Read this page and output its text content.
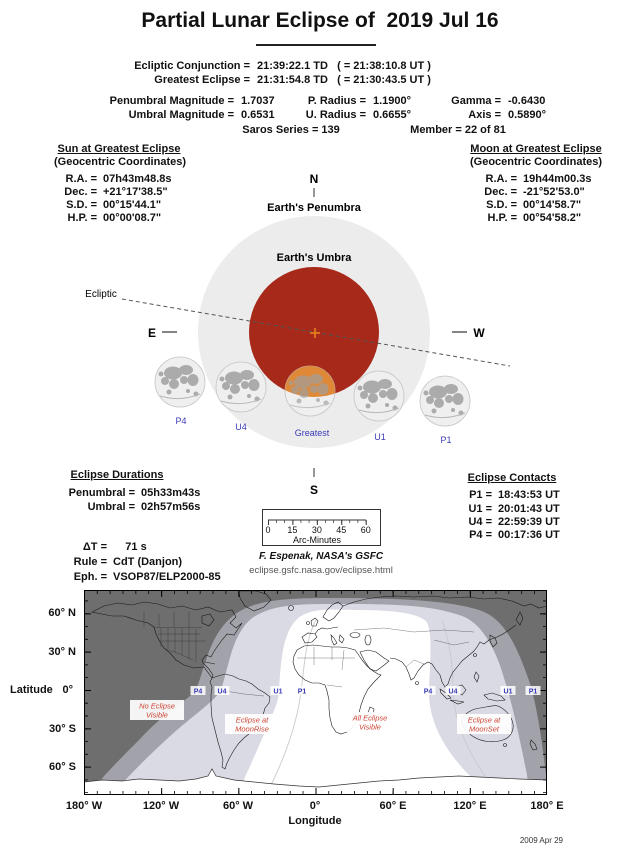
Ecliptic
N
S
E	W
Earth's Penumbra
Earth's Umbra
P4
U4
Greatest	U1	P1
0 15 30 45 60
Arc-Minutes
Partial Lunar Eclipse of  2019 Jul 16
Ecliptic Conjunction = 21:39:22.1 TD   ( = 21:38:10.8 UT )
Greatest Eclipse = 21:31:54.8 TD   ( = 21:30:43.5 UT )
Penumbral Magnitude = 1.7037	P. Radius = 1.1900°	Gamma = -0.6430
Umbral Magnitude = 0.6531	U. Radius = 0.6655°	Axis = 0.5890°
Saros Series = 139	Member = 22 of 81
Sun at Greatest Eclipse
(Geocentric Coordinates)
R.A. = 07h43m48.8s
Dec. = +21°17'38.5"
S.D. = 00°15'44.1"
H.P. = 00°00'08.7"
Moon at Greatest Eclipse
(Geocentric Coordinates)
R.A. = 19h44m00.3s
Dec. = -21°52'53.0"
S.D. = 00°14'58.7"
H.P. = 00°54'58.2"
Eclipse Durations
Penumbral = 05h33m43s
Umbral = 02h57m56s
Eclipse Contacts
P1 = 18:43:53 UT
U1 = 20:01:43 UT
U4 = 22:59:39 UT
P4 = 00:17:36 UT
ΔT = 71 s
Rule = CdT (Danjon)
Eph. = VSOP87/ELP2000-85
F. Espenak, NASA's GSFC
eclipse.gsfc.nasa.gov/eclipse.html
P4 U4	U1 P1	P4 U4	U1 P1
No Eclipse
Visible
Eclipse at
MoonRise
All Eclipse
Visible
Eclipse at
MoonSet
Latitude
60° N
30° N
0°
30° S
60° S
180° W	120° W	60° W	0°	60° E	120° E	180° E
Longitude
2009 Apr 29
